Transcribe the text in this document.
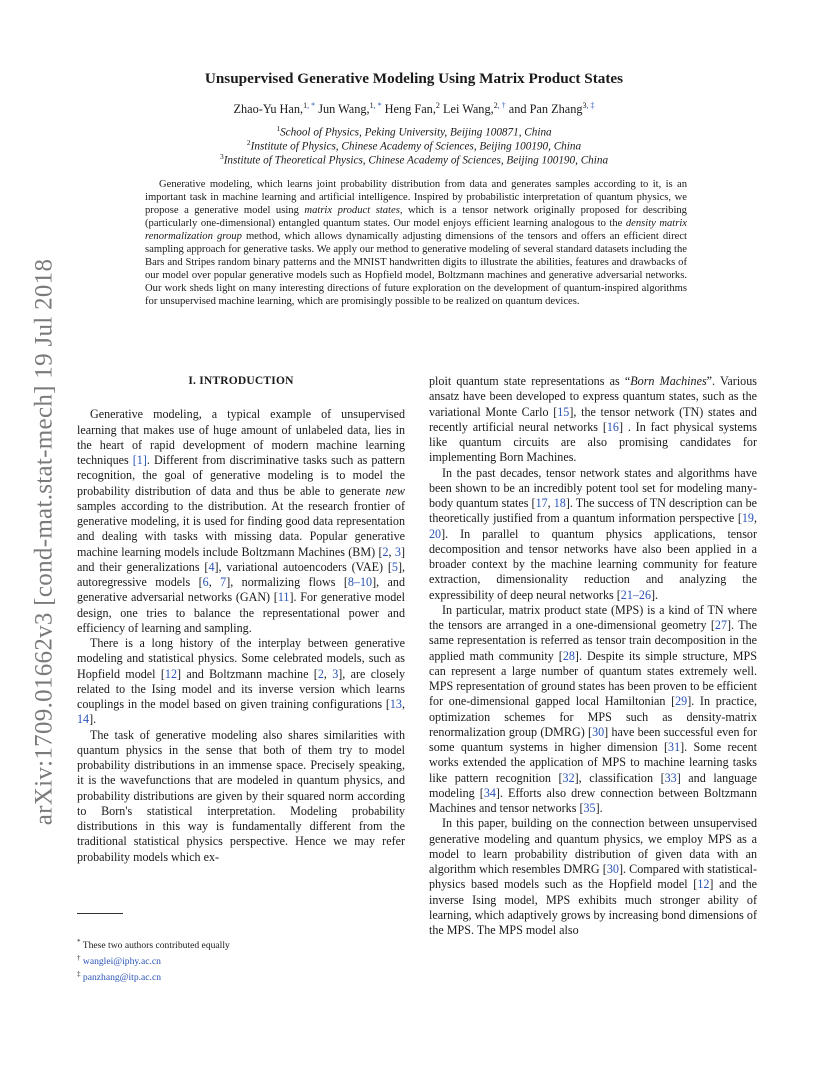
arXiv:1709.01662v3 [cond-mat.stat-mech] 19 Jul 2018
Unsupervised Generative Modeling Using Matrix Product States
Zhao-Yu Han,$^{1, *}$ Jun Wang,$^{1, *}$ Heng Fan,$^2$ Lei Wang,$^{2, \dagger}$ and Pan Zhang$^{3, \ddagger}$
$^1$School of Physics, Peking University, Beijing 100871, China
$^2$Institute of Physics, Chinese Academy of Sciences, Beijing 100190, China
$^3$Institute of Theoretical Physics, Chinese Academy of Sciences, Beijing 100190, China

Generative modeling, which learns joint probability distribution from data and generates samples according to it, is an important task in machine learning and artificial intelligence. Inspired by probabilistic interpretation of quantum physics, we propose a generative model using matrix product states, which is a tensor network originally proposed for describing (particularly one-dimensional) entangled quantum states. Our model enjoys efficient learning analogous to the density matrix renormalization group method, which allows dynamically adjusting dimensions of the tensors and offers an efficient direct sampling approach for generative tasks. We apply our method to generative modeling of several standard datasets including the Bars and Stripes random binary patterns and the MNIST handwritten digits to illustrate the abilities, features and drawbacks of our model over popular generative models such as Hopfield model, Boltzmann machines and generative adversarial networks. Our work sheds light on many interesting directions of future exploration on the development of quantum-inspired algorithms for unsupervised machine learning, which are promisingly possible to be realized on quantum devices.

I. INTRODUCTION

Generative modeling, a typical example of unsupervised learning that makes use of huge amount of unlabeled data, lies in the heart of rapid development of modern machine learning techniques [1]. Different from discriminative tasks such as pattern recognition, the goal of generative modeling is to model the probability distribution of data and thus be able to generate new samples according to the distribution. At the research frontier of generative modeling, it is used for finding good data representation and dealing with tasks with missing data. Popular generative machine learning models include Boltzmann Machines (BM) [2, 3] and their generalizations [4], variational autoencoders (VAE) [5], autoregressive models [6, 7], normalizing flows [8–10], and generative adversarial networks (GAN) [11]. For generative model design, one tries to balance the representational power and efficiency of learning and sampling.

There is a long history of the interplay between generative modeling and statistical physics. Some celebrated models, such as Hopfield model [12] and Boltzmann machine [2, 3], are closely related to the Ising model and its inverse version which learns couplings in the model based on given training configurations [13, 14].

The task of generative modeling also shares similarities with quantum physics in the sense that both of them try to model probability distributions in an immense space. Precisely speaking, it is the wavefunctions that are modeled in quantum physics, and probability distributions are given by their squared norm according to Born's statistical interpretation. Modeling probability distributions in this way is fundamentally different from the traditional statistical physics perspective. Hence we may refer probability models which ex-

ploit quantum state representations as “Born Machines”. Various ansatz have been developed to express quantum states, such as the variational Monte Carlo [15], the tensor network (TN) states and recently artificial neural networks [16] . In fact physical systems like quantum circuits are also promising candidates for implementing Born Machines.

In the past decades, tensor network states and algorithms have been shown to be an incredibly potent tool set for modeling many-body quantum states [17, 18]. The success of TN description can be theoretically justified from a quantum information perspective [19, 20]. In parallel to quantum physics applications, tensor decomposition and tensor networks have also been applied in a broader context by the machine learning community for feature extraction, dimensionality reduction and analyzing the expressibility of deep neural networks [21–26].

In particular, matrix product state (MPS) is a kind of TN where the tensors are arranged in a one-dimensional geometry [27]. The same representation is referred as tensor train decomposition in the applied math community [28]. Despite its simple structure, MPS can represent a large number of quantum states extremely well. MPS representation of ground states has been proven to be efficient for one-dimensional gapped local Hamiltonian [29]. In practice, optimization schemes for MPS such as density-matrix renormalization group (DMRG) [30] have been successful even for some quantum systems in higher dimension [31]. Some recent works extended the application of MPS to machine learning tasks like pattern recognition [32], classification [33] and language modeling [34]. Efforts also drew connection between Boltzmann Machines and tensor networks [35].

In this paper, building on the connection between unsupervised generative modeling and quantum physics, we employ MPS as a model to learn probability distribution of given data with an algorithm which resembles DMRG [30]. Compared with statistical-physics based models such as the Hopfield model [12] and the inverse Ising model, MPS exhibits much stronger ability of learning, which adaptively grows by increasing bond dimensions of the MPS. The MPS model also

* These two authors contributed equally
† wanglei@iphy.ac.cn
‡ panzhang@itp.ac.cn
